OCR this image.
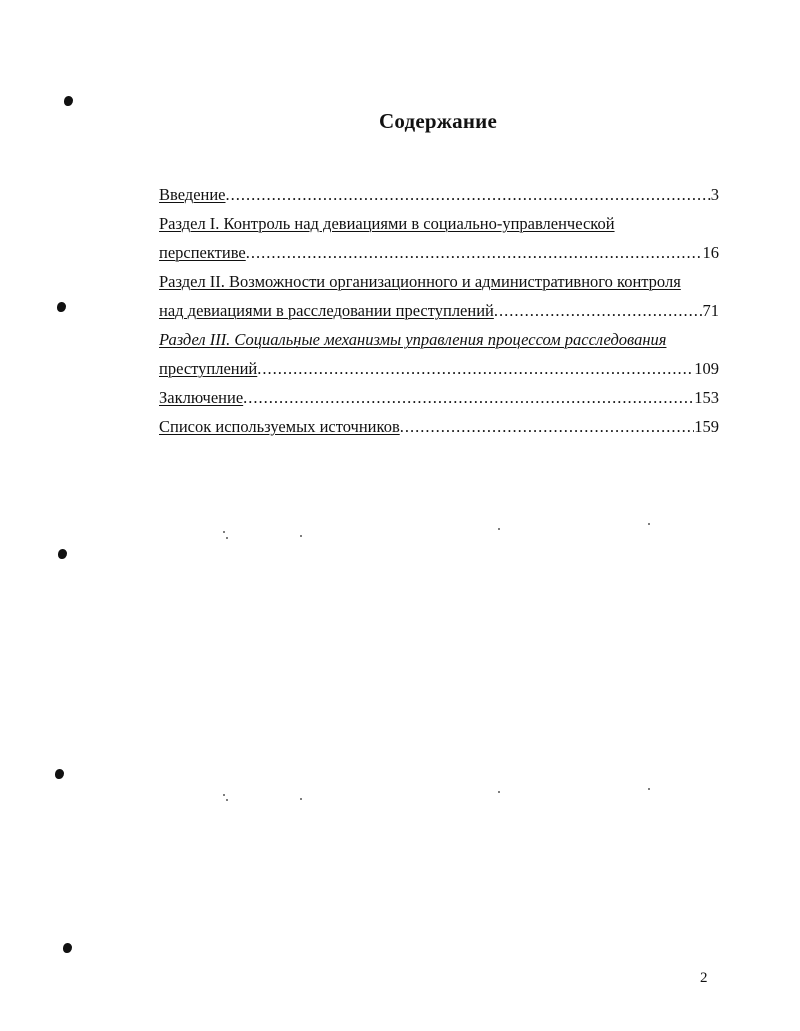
Содержание
Введение .....	3
Раздел I. Контроль над девиациями в социально-управленческой
перспективе .....	16
Раздел II. Возможности организационного и административного контроля
над девиациями в расследовании преступлений .....	71
Раздел III. Социальные механизмы управления процессом расследования
преступлений .....	109
Заключение .....	153
Список используемых источников .....	159
2
